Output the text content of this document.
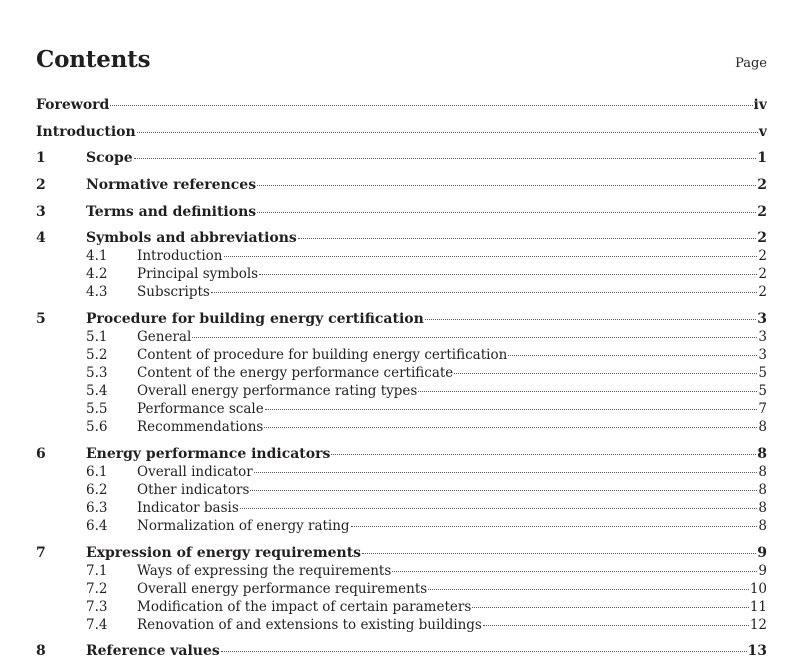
Contents	Page
Foreword	iv
Introduction	v
1	Scope	1
2	Normative references	2
3	Terms and definitions	2
4	Symbols and abbreviations	2
4.1	Introduction	2
4.2	Principal symbols	2
4.3	Subscripts	2
5	Procedure for building energy certification	3
5.1	General	3
5.2	Content of procedure for building energy certification	3
5.3	Content of the energy performance certificate	5
5.4	Overall energy performance rating types	5
5.5	Performance scale	7
5.6	Recommendations	8
6	Energy performance indicators	8
6.1	Overall indicator	8
6.2	Other indicators	8
6.3	Indicator basis	8
6.4	Normalization of energy rating	8
7	Expression of energy requirements	9
7.1	Ways of expressing the requirements	9
7.2	Overall energy performance requirements	10
7.3	Modification of the impact of certain parameters	11
7.4	Renovation of and extensions to existing buildings	12
8	Reference values	13
